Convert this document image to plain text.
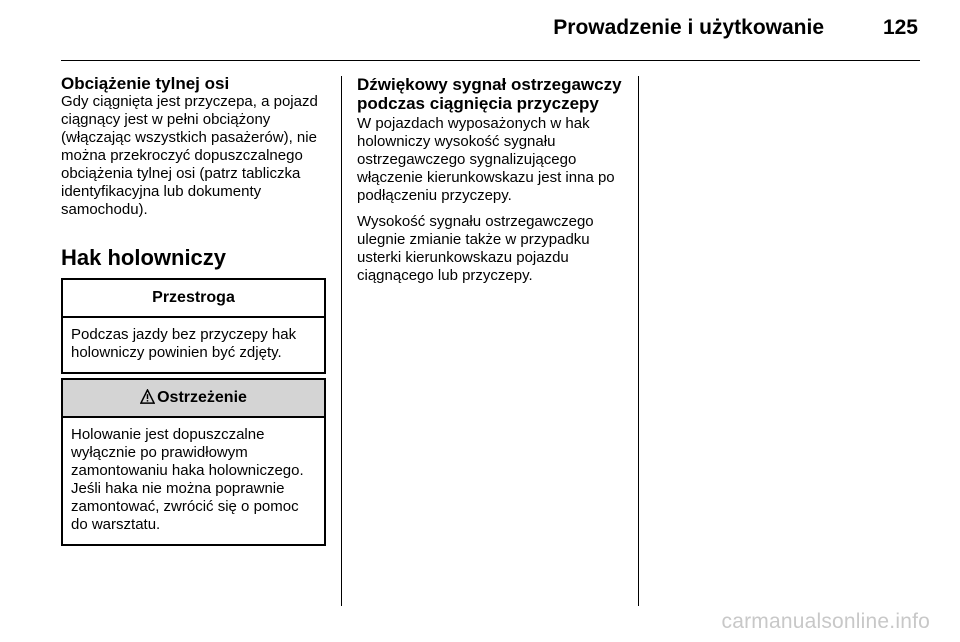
Prowadzenie i użytkowanie	125

Obciążenie tylnej osi

Gdy ciągnięta jest przyczepa, a pojazd ciągnący jest w pełni obciążony (włączając wszystkich pasażerów), nie można przekroczyć dopuszczalnego obciążenia tylnej osi (patrz tabliczka identyfikacyjna lub dokumenty samochodu).

Hak holowniczy
Przestroga
Podczas jazdy bez przyczepy hak holowniczy powinien być zdjęty.
Ostrzeżenie
Holowanie jest dopuszczalne wyłącznie po prawidłowym zamontowaniu haka holowniczego. Jeśli haka nie można poprawnie zamontować, zwrócić się o pomoc do warsztatu.

Dźwiękowy sygnał ostrzegawczy podczas ciągnięcia przyczepy

W pojazdach wyposażonych w hak holowniczy wysokość sygnału ostrzegawczego sygnalizującego włączenie kierunkowskazu jest inna po podłączeniu przyczepy.

Wysokość sygnału ostrzegawczego ulegnie zmianie także w przypadku usterki kierunkowskazu pojazdu ciągnącego lub przyczepy.

carmanualsonline.info
